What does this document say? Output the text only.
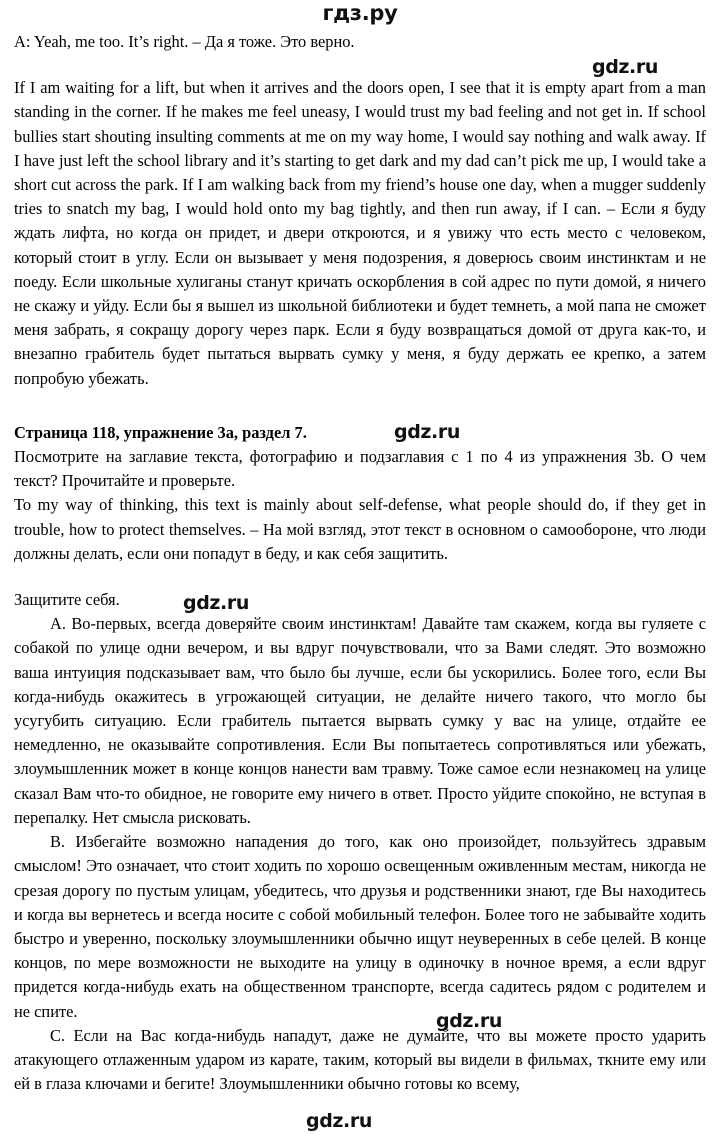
гдз.ру

A: Yeah, me too. It’s right. – Да я тоже. Это верно.

If I am waiting for a lift, but when it arrives and the doors open, I see that it is empty apart from a man standing in the corner. If he makes me feel uneasy, I would trust my bad feeling and not get in. If school bullies start shouting insulting comments at me on my way home, I would say nothing and walk away. If I have just left the school library and it’s starting to get dark and my dad can’t pick me up, I would take a short cut across the park. If I am walking back from my friend’s house one day, when a mugger suddenly tries to snatch my bag, I would hold onto my bag tightly, and then run away, if I can. – Если я буду ждать лифта, но когда он придет, и двери откроются, и я увижу что есть место с человеком, который стоит в углу. Если он вызывает у меня подозрения, я доверюсь своим инстинктам и не поеду. Если школьные хулиганы станут кричать оскорбления в сой адрес по пути домой, я ничего не скажу и уйду. Если бы я вышел из школьной библиотеки и будет темнеть, а мой папа не сможет меня забрать, я сокращу дорогу через парк. Если я буду возвращаться домой от друга как-то, и внезапно грабитель будет пытаться вырвать сумку у меня, я буду держать ее крепко, а затем попробую убежать.

Страница 118, упражнение 3a, раздел 7.

Посмотрите на заглавие текста, фотографию и подзаглавия с 1 по 4 из упражнения 3b. О чем текст? Прочитайте и проверьте.

To my way of thinking, this text is mainly about self-defense, what people should do, if they get in trouble, how to protect themselves. – На мой взгляд, этот текст в основном о самообороне, что люди должны делать, если они попадут в беду, и как себя защитить.

Защитите себя.

A. Во-первых, всегда доверяйте своим инстинктам! Давайте там скажем, когда вы гуляете с собакой по улице одни вечером, и вы вдруг почувствовали, что за Вами следят. Это возможно ваша интуиция подсказывает вам, что было бы лучше, если бы ускорились. Более того, если Вы когда-нибудь окажитесь в угрожающей ситуации, не делайте ничего такого, что могло бы усугубить ситуацию. Если грабитель пытается вырвать сумку у вас на улице, отдайте ее немедленно, не оказывайте сопротивления. Если Вы попытаетесь сопротивляться или убежать, злоумышленник может в конце концов нанести вам травму. Тоже самое если незнакомец на улице сказал Вам что-то обидное, не говорите ему ничего в ответ. Просто уйдите спокойно, не вступая в перепалку. Нет смысла рисковать.

B. Избегайте возможно нападения до того, как оно произойдет, пользуйтесь здравым смыслом! Это означает, что стоит ходить по хорошо освещенным оживленным местам, никогда не срезая дорогу по пустым улицам, убедитесь, что друзья и родственники знают, где Вы находитесь и когда вы вернетесь и всегда носите с собой мобильный телефон. Более того не забывайте ходить быстро и уверенно, поскольку злоумышленники обычно ищут неуверенных в себе целей. В конце концов, по мере возможности не выходите на улицу в одиночку в ночное время, а если вдруг придется когда-нибудь ехать на общественном транспорте, всегда садитесь рядом с родителем и не спите.

C. Если на Вас когда-нибудь нападут, даже не думайте, что вы можете просто ударить атакующего отлаженным ударом из карате, таким, который вы видели в фильмах, ткните ему или ей в глаза ключами и бегите! Злоумышленники обычно готовы ко всему,

gdz.ru
gdz.ru
gdz.ru
gdz.ru
gdz.ru
